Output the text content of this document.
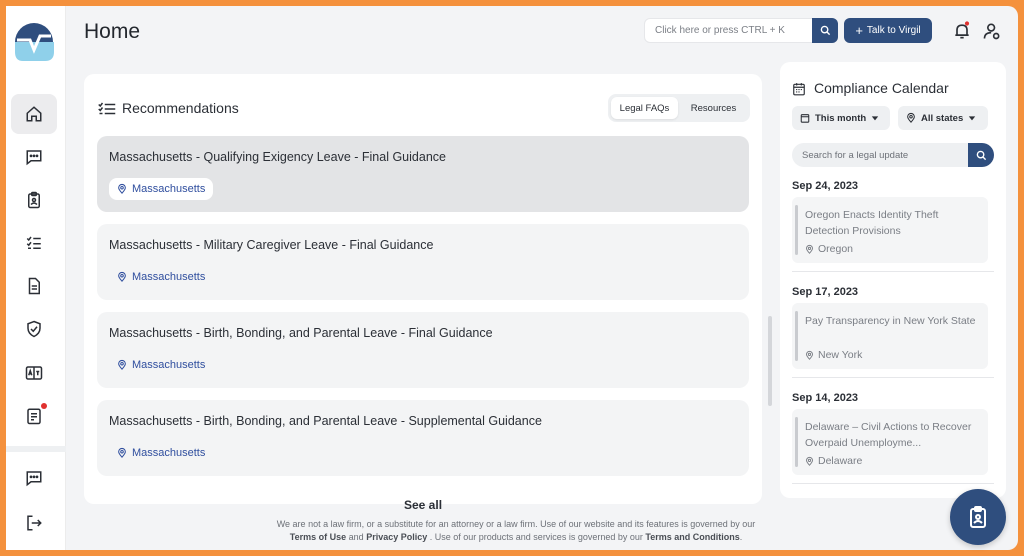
Home	Click here or press CTRL + K	+ Talk to Virgil
Recommendations	Legal FAQs	Resources
Massachusetts - Qualifying Exigency Leave - Final Guidance
Massachusetts
Massachusetts - Military Caregiver Leave - Final Guidance
Massachusetts
Massachusetts - Birth, Bonding, and Parental Leave - Final Guidance
Massachusetts
Massachusetts - Birth, Bonding, and Parental Leave - Supplemental Guidance
Massachusetts
See all
Compliance Calendar
This month	All states
Search for a legal update
Sep 24, 2023
Oregon Enacts Identity Theft Detection Provisions
Oregon
Sep 17, 2023
Pay Transparency in New York State
New York
Sep 14, 2023
Delaware – Civil Actions to Recover Overpaid Unemployme...
Delaware
We are not a law firm, or a substitute for an attorney or a law firm. Use of our website and its features is governed by our
Terms of Use and Privacy Policy . Use of our products and services is governed by our Terms and Conditions.
